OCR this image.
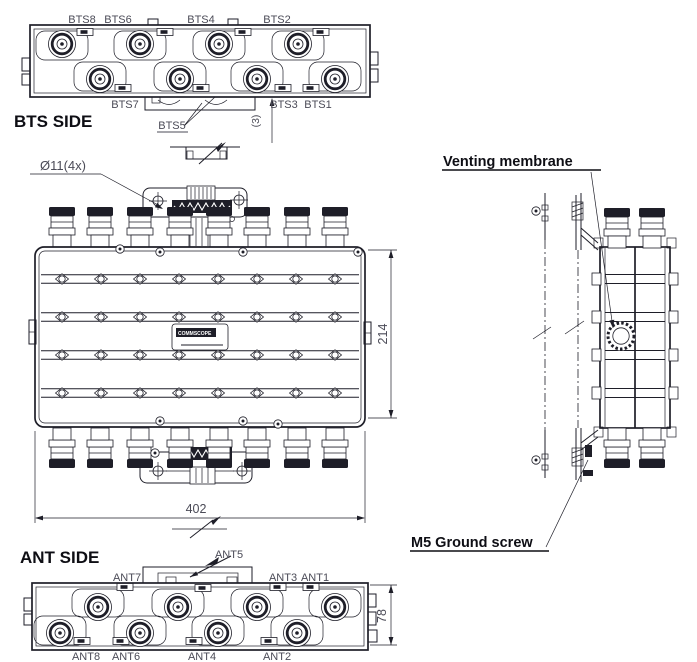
(3)
BTS8 BTS6	BTS4	BTS2
BTS7	BTS3 BTS1
BTS5
BTS SIDE
COMMSCOPE
Ø11(4x)
214
402
Venting membrane
M5 Ground screw
ANT5
ANT7	ANT3 ANT1
ANT8 ANT6	ANT4	ANT2
ANT SIDE
78
